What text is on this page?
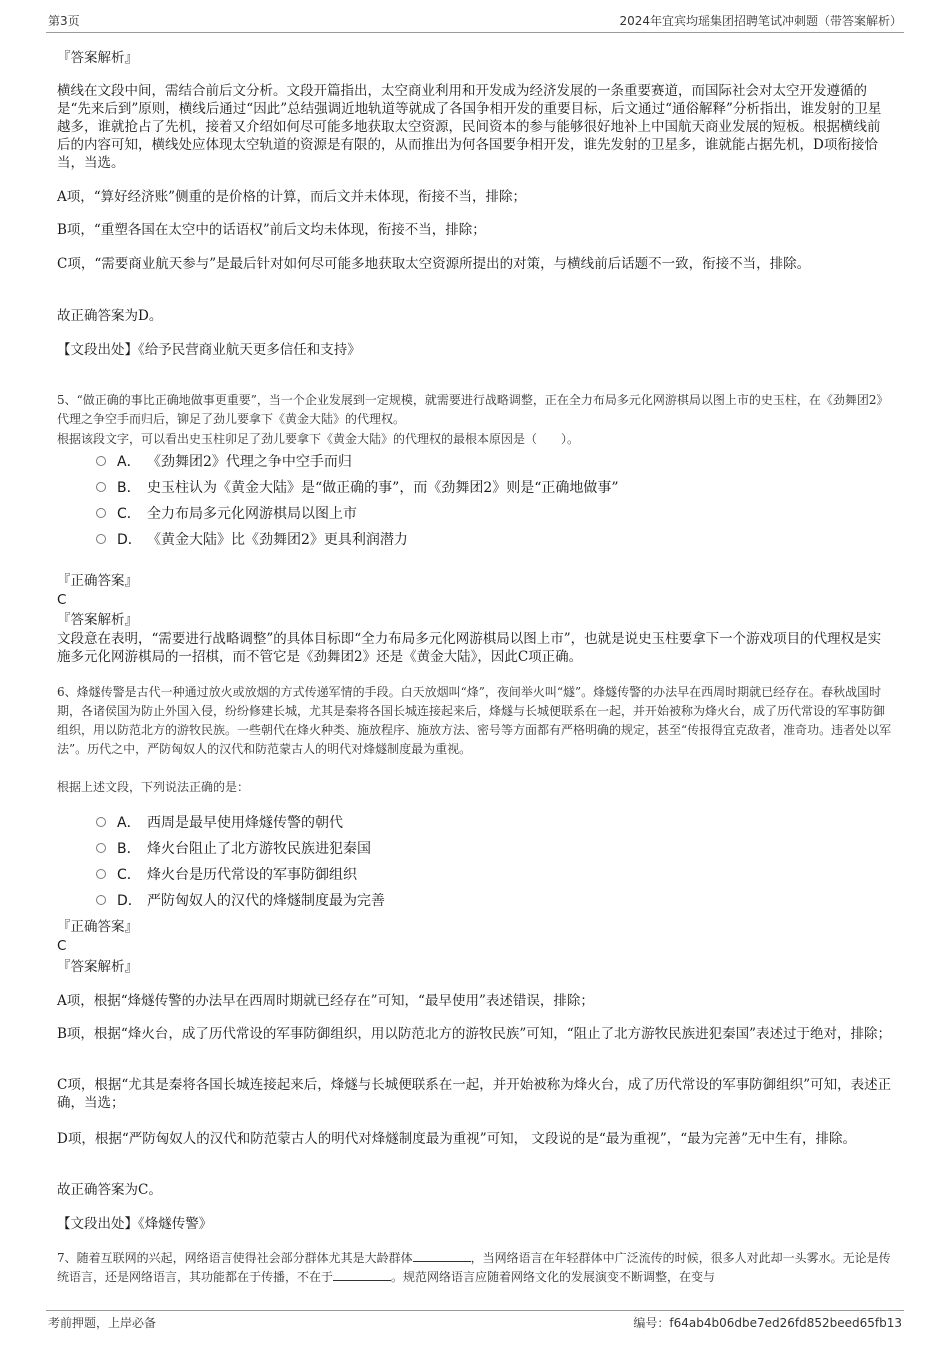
第3页	2024年宜宾均瑶集团招聘笔试冲刺题（带答案解析）
『答案解析』
横线在文段中间，需结合前后文分析。文段开篇指出，太空商业利用和开发成为经济发展的一条重要赛道，而国际社会对太空开发遵循的是“先来后到”原则，横线后通过“因此”总结强调近地轨道等就成了各国争相开发的重要目标，后文通过“通俗解释”分析指出，谁发射的卫星越多，谁就抢占了先机，接着又介绍如何尽可能多地获取太空资源，民间资本的参与能够很好地补上中国航天商业发展的短板。根据横线前后的内容可知，横线处应体现太空轨道的资源是有限的，从而推出为何各国要争相开发，谁先发射的卫星多，谁就能占据先机，D项衔接恰当，当选。
A项，“算好经济账”侧重的是价格的计算，而后文并未体现，衔接不当，排除；
B项，“重塑各国在太空中的话语权”前后文均未体现，衔接不当，排除；
C项，“需要商业航天参与”是最后针对如何尽可能多地获取太空资源所提出的对策，与横线前后话题不一致，衔接不当，排除。
故正确答案为D。
【文段出处】《给予民营商业航天更多信任和支持》
5、“做正确的事比正确地做事更重要”，当一个企业发展到一定规模，就需要进行战略调整，正在全力布局多元化网游棋局以图上市的史玉柱，在《劲舞团2》代理之争空手而归后，铆足了劲儿要拿下《黄金大陆》的代理权。
根据该段文字，可以看出史玉柱卯足了劲儿要拿下《黄金大陆》的代理权的最根本原因是（　　）。
A． 《劲舞团2》代理之争中空手而归
B． 史玉柱认为《黄金大陆》是“做正确的事”，而《劲舞团2》则是“正确地做事”
C． 全力布局多元化网游棋局以图上市
D． 《黄金大陆》比《劲舞团2》更具利润潜力
『正确答案』
C
『答案解析』
文段意在表明，“需要进行战略调整”的具体目标即“全力布局多元化网游棋局以图上市”，也就是说史玉柱要拿下一个游戏项目的代理权是实施多元化网游棋局的一招棋，而不管它是《劲舞团2》还是《黄金大陆》，因此C项正确。
6、烽燧传警是古代一种通过放火或放烟的方式传递军情的手段。白天放烟叫“烽”，夜间举火叫“燧”。烽燧传警的办法早在西周时期就已经存在。春秋战国时期，各诸侯国为防止外国入侵，纷纷修建长城，尤其是秦将各国长城连接起来后，烽燧与长城便联系在一起，并开始被称为烽火台，成了历代常设的军事防御组织，用以防范北方的游牧民族。一些朝代在烽火种类、施放程序、施放方法、密号等方面都有严格明确的规定，甚至“传报得宜克敌者，准奇功。违者处以军法”。历代之中，严防匈奴人的汉代和防范蒙古人的明代对烽燧制度最为重视。
根据上述文段，下列说法正确的是：
A． 西周是最早使用烽燧传警的朝代
B． 烽火台阻止了北方游牧民族进犯秦国
C． 烽火台是历代常设的军事防御组织
D． 严防匈奴人的汉代的烽燧制度最为完善
『正确答案』
C
『答案解析』
A项，根据“烽燧传警的办法早在西周时期就已经存在”可知，“最早使用”表述错误，排除；
B项，根据“烽火台，成了历代常设的军事防御组织，用以防范北方的游牧民族”可知，“阻止了北方游牧民族进犯秦国”表述过于绝对，排除；
C项，根据“尤其是秦将各国长城连接起来后，烽燧与长城便联系在一起，并开始被称为烽火台，成了历代常设的军事防御组织”可知，表述正确，当选；
D项，根据“严防匈奴人的汉代和防范蒙古人的明代对烽燧制度最为重视”可知， 文段说的是“最为重视”，“最为完善”无中生有，排除。
故正确答案为C。
【文段出处】《烽燧传警》
7、随着互联网的兴起，网络语言使得社会部分群体尤其是大龄群体	，当网络语言在年轻群体中广泛流传的时候，很多人对此却一头雾水。无论是传统语言，还是网络语言，其功能都在于传播，不在于	。规范网络语言应随着网络文化的发展演变不断调整，在变与
考前押题，上岸必备	编号：f64ab4b06dbe7ed26fd852beed65fb13
